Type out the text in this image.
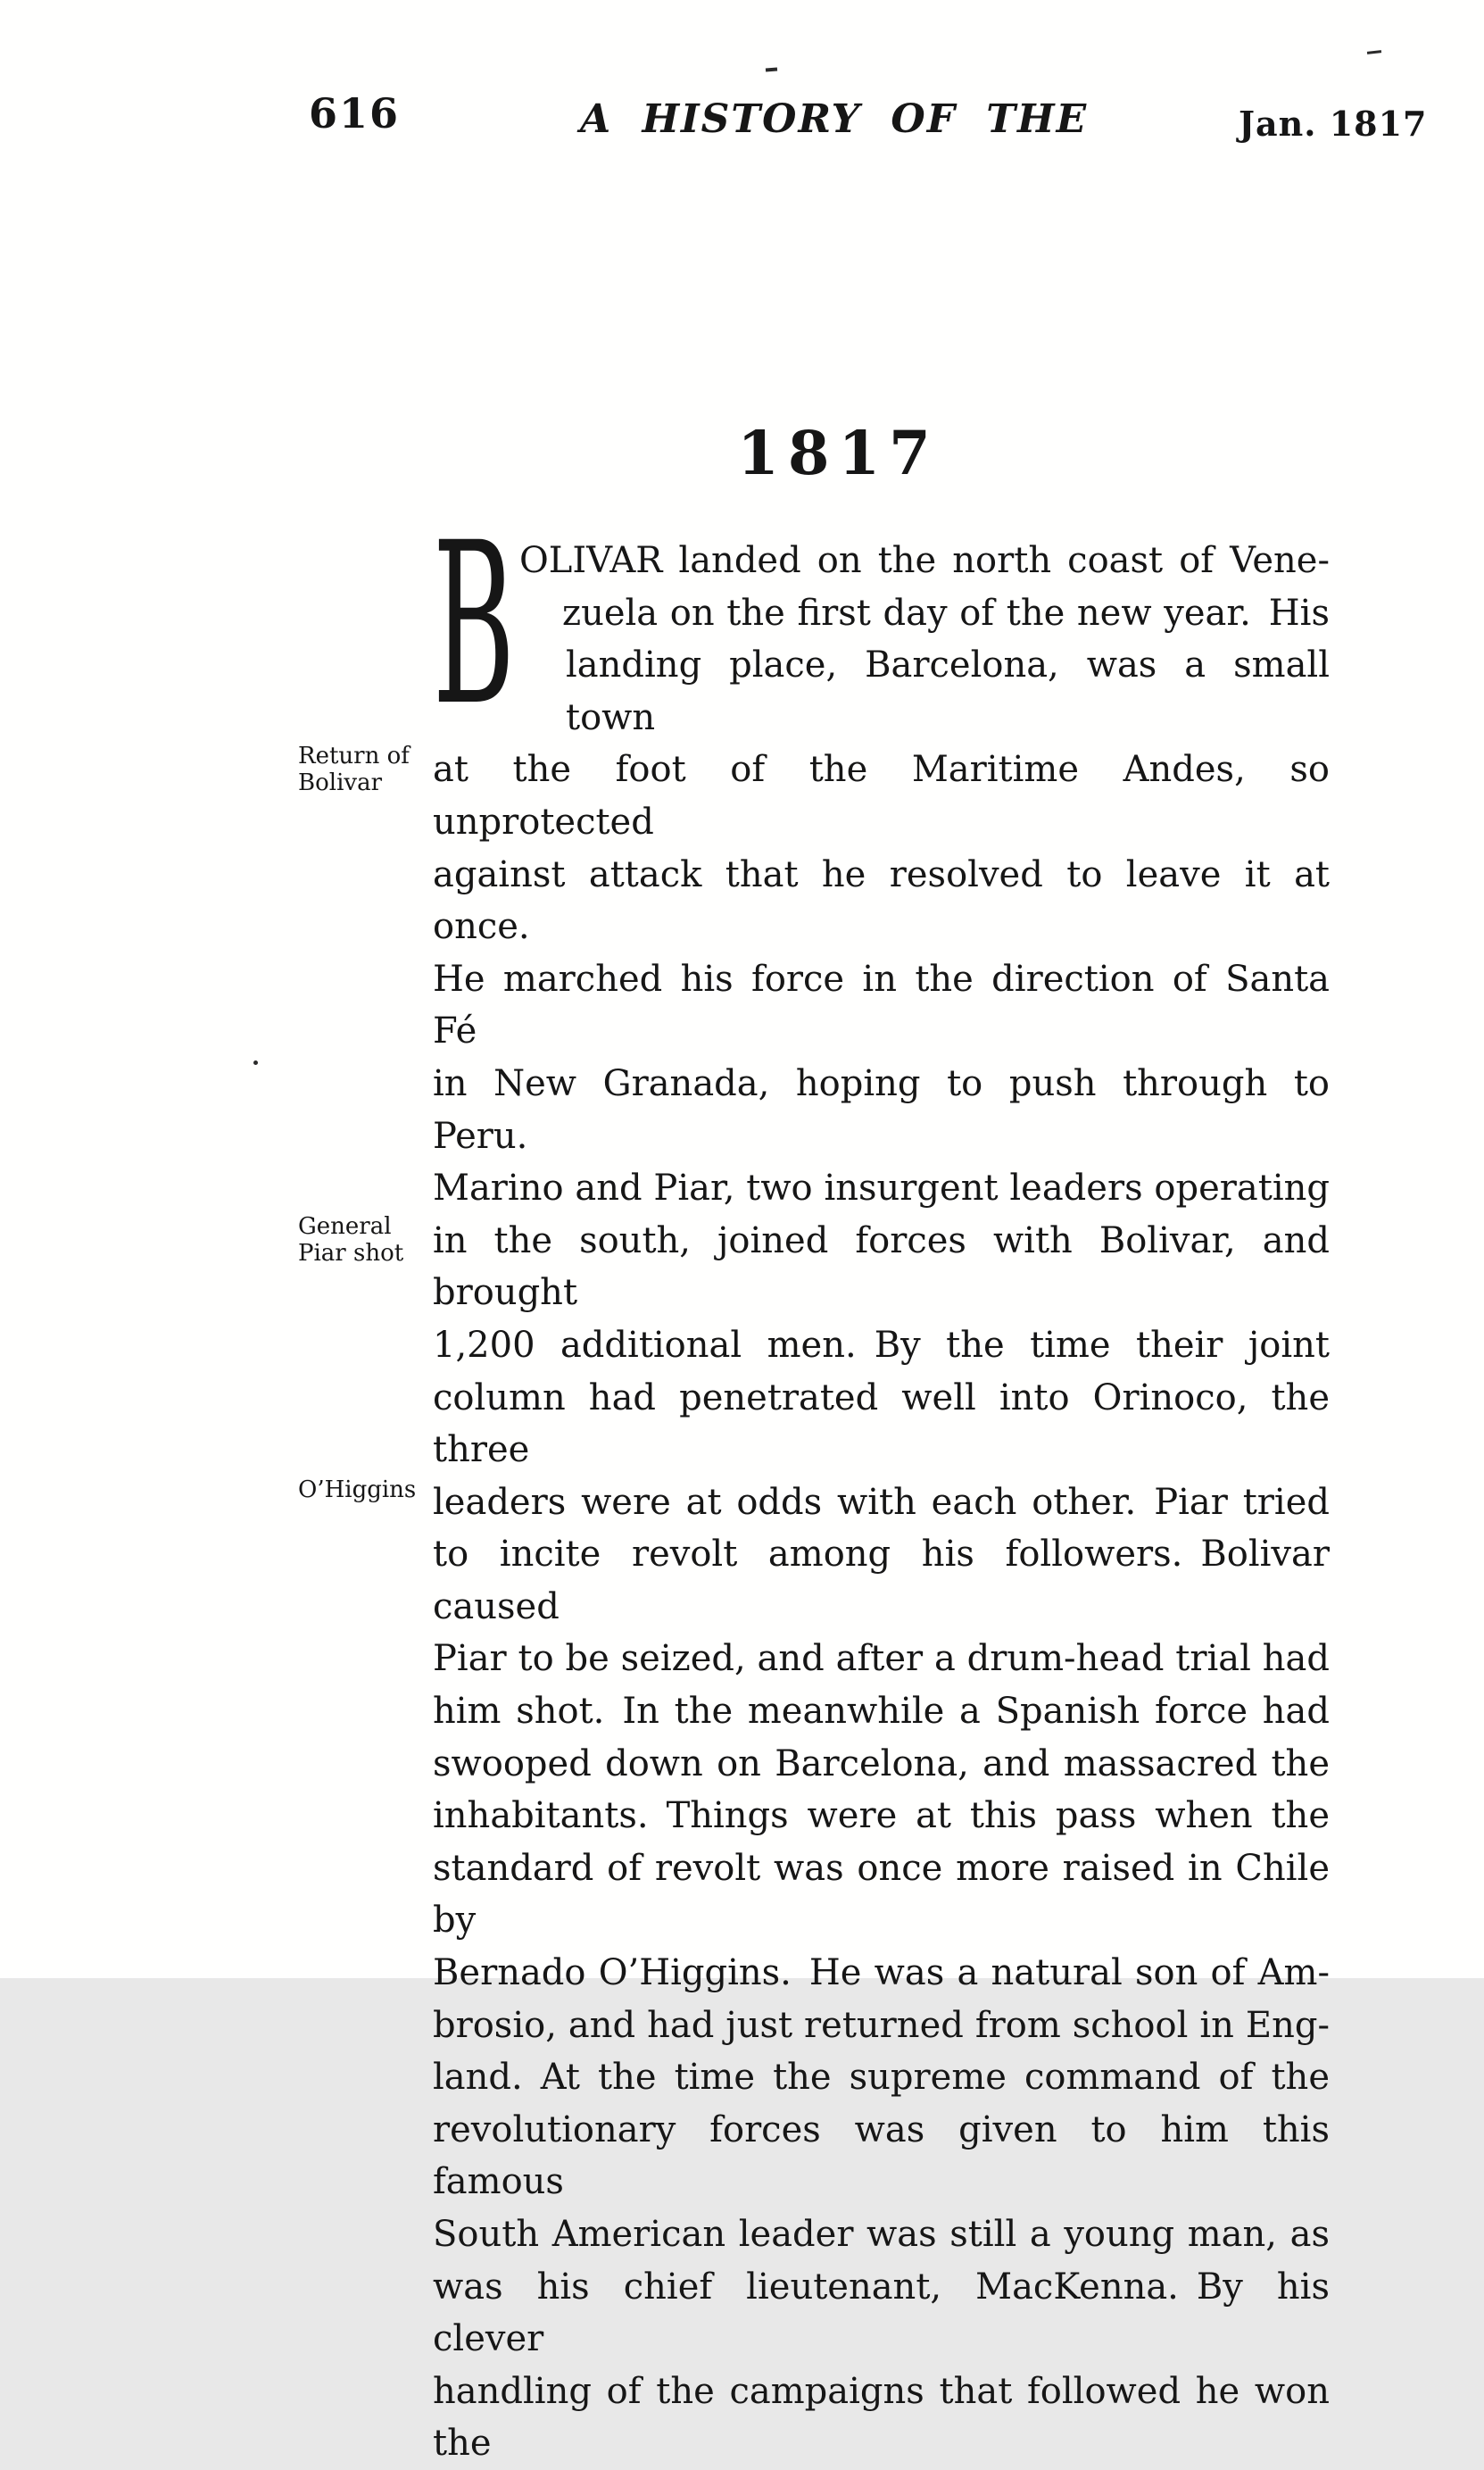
616	A HISTORY OF THE	Jan. 1817
1817
Return of
Bolivar
General
Piar shot
O’Higgins
B OLIVAR landed on the north coast of Vene-
zuela on the first day of the new year. His
landing place, Barcelona, was a small town
at the foot of the Maritime Andes, so unprotected
against attack that he resolved to leave it at once.
He marched his force in the direction of Santa Fé
in New Granada, hoping to push through to Peru.
Marino and Piar, two insurgent leaders operating
in the south, joined forces with Bolivar, and brought
1,200 additional men. By the time their joint
column had penetrated well into Orinoco, the three
leaders were at odds with each other. Piar tried
to incite revolt among his followers. Bolivar caused
Piar to be seized, and after a drum-head trial had
him shot. In the meanwhile a Spanish force had
swooped down on Barcelona, and massacred the
inhabitants. Things were at this pass when the
standard of revolt was once more raised in Chile by
Bernado O’Higgins. He was a natural son of Am-
brosio, and had just returned from school in Eng-
land. At the time the supreme command of the
revolutionary forces was given to him this famous
South American leader was still a young man, as
was his chief lieutenant, MacKenna. By his clever
handling of the campaigns that followed he won the
